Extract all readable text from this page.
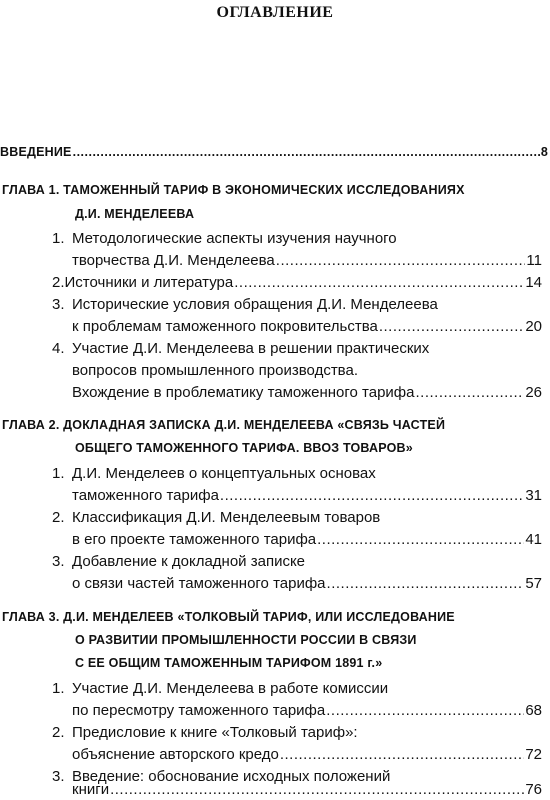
ОГЛАВЛЕНИЕ
ВВЕДЕНИЕ .....	8
ГЛАВА 1. ТАМОЖЕННЫЙ ТАРИФ В ЭКОНОМИЧЕСКИХ ИССЛЕДОВАНИЯХ
Д.И. МЕНДЕЛЕЕВА
1. Методологические аспекты изучения научного
творчества Д.И. Менделеева .....	11
2. Источники и литература .....	14
3. Исторические условия обращения Д.И. Менделеева
к проблемам таможенного покровительства .....	20
4. Участие Д.И. Менделеева в решении практических
вопросов промышленного производства.
Вхождение в проблематику таможенного тарифа .....	26
ГЛАВА 2. ДОКЛАДНАЯ ЗАПИСКА Д.И. МЕНДЕЛЕЕВА «СВЯЗЬ ЧАСТЕЙ
ОБЩЕГО ТАМОЖЕННОГО ТАРИФА. ВВОЗ ТОВАРОВ»
1. Д.И. Менделеев о концептуальных основах
таможенного тарифа .....	31
2. Классификация Д.И. Менделеевым товаров
в его проекте таможенного тарифа .....	41
3. Добавление к докладной записке
о связи частей таможенного тарифа .....	57
ГЛАВА 3. Д.И. МЕНДЕЛЕЕВ «ТОЛКОВЫЙ ТАРИФ, ИЛИ ИССЛЕДОВАНИЕ
О РАЗВИТИИ ПРОМЫШЛЕННОСТИ РОССИИ В СВЯЗИ
С ЕЕ ОБЩИМ ТАМОЖЕННЫМ ТАРИФОМ 1891 г.»
1. Участие Д.И. Менделеева в работе комиссии
по пересмотру таможенного тарифа .....	68
2. Предисловие к книге «Толковый тариф»:
объяснение авторского кредо .....	72
3. Введение: обоснование исходных положений
книги .....	76
